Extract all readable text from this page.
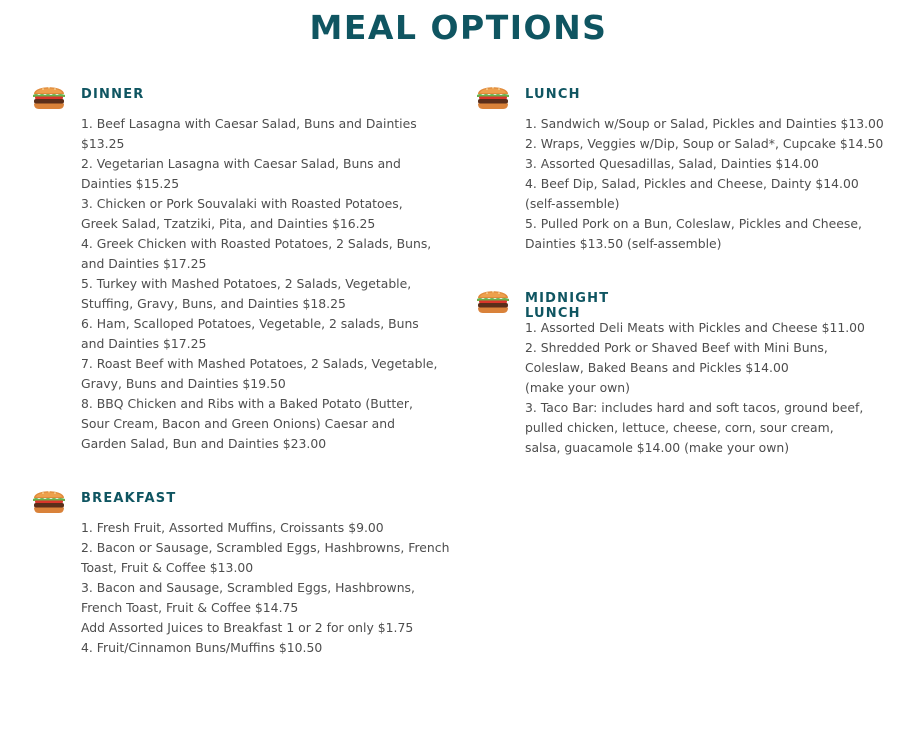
MEAL OPTIONS
DINNER
1. Beef Lasagna with Caesar Salad, Buns and Dainties
$13.25
2. Vegetarian Lasagna with Caesar Salad, Buns and
Dainties $15.25
3. Chicken or Pork Souvalaki with Roasted Potatoes,
Greek Salad, Tzatziki, Pita, and Dainties $16.25
4. Greek Chicken with Roasted Potatoes, 2 Salads, Buns,
and Dainties $17.25
5. Turkey with Mashed Potatoes, 2 Salads, Vegetable,
Stuffing, Gravy, Buns, and Dainties $18.25
6. Ham, Scalloped Potatoes, Vegetable, 2 salads, Buns
and Dainties $17.25
7. Roast Beef with Mashed Potatoes, 2 Salads, Vegetable,
Gravy, Buns and Dainties $19.50
8. BBQ Chicken and Ribs with a Baked Potato (Butter,
Sour Cream, Bacon and Green Onions) Caesar and
Garden Salad, Bun and Dainties $23.00
BREAKFAST
1. Fresh Fruit, Assorted Muffins, Croissants $9.00
2. Bacon or Sausage, Scrambled Eggs, Hashbrowns, French
Toast, Fruit & Coffee $13.00
3. Bacon and Sausage, Scrambled Eggs, Hashbrowns,
French Toast, Fruit & Coffee $14.75
Add Assorted Juices to Breakfast 1 or 2 for only $1.75
4. Fruit/Cinnamon Buns/Muffins $10.50
LUNCH
1. Sandwich w/Soup or Salad, Pickles and Dainties $13.00
2. Wraps, Veggies w/Dip, Soup or Salad*, Cupcake $14.50
3. Assorted Quesadillas, Salad, Dainties $14.00
4. Beef Dip, Salad, Pickles and Cheese, Dainty $14.00
(self-assemble)
5. Pulled Pork on a Bun, Coleslaw, Pickles and Cheese,
Dainties $13.50 (self-assemble)
MIDNIGHT LUNCH
1. Assorted Deli Meats with Pickles and Cheese $11.00
2. Shredded Pork or Shaved Beef with Mini Buns,
Coleslaw, Baked Beans and Pickles $14.00
(make your own)
3. Taco Bar: includes hard and soft tacos, ground beef,
pulled chicken, lettuce, cheese, corn, sour cream,
salsa, guacamole $14.00 (make your own)
